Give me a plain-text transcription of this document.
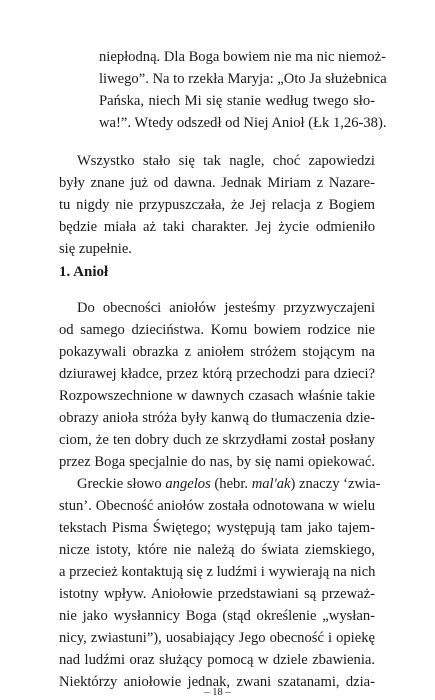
niepłodną. Dla Boga bowiem nie ma nic niemoż-

liwego”. Na to rzekła Maryja: „Oto Ja służebnica

Pańska, niech Mi się stanie według twego sło-

wa!”. Wtedy odszedł od Niej Anioł (Łk 1,26-38).

Wszystko stało się tak nagle, choć zapowiedzi

były znane już od dawna. Jednak Miriam z Nazare-

tu nigdy nie przypuszczała, że Jej relacja z Bogiem

będzie miała aż taki charakter. Jej życie odmieniło

się zupełnie.

1. Anioł

Do obecności aniołów jesteśmy przyzwyczajeni

od samego dzieciństwa. Komu bowiem rodzice nie

pokazywali obrazka z aniołem stróżem stojącym na

dziurawej kładce, przez którą przechodzi para dzieci?

Rozpowszechnione w dawnych czasach właśnie takie

obrazy anioła stróża były kanwą do tłumaczenia dzie-

ciom, że ten dobry duch ze skrzydłami został posłany

przez Boga specjalnie do nas, by się nami opiekować.

Greckie słowo angelos (hebr. mal'ak) znaczy ‘zwia-

stun’. Obecność aniołów została odnotowana w wielu

tekstach Pisma Świętego; występują tam jako tajem-

nicze istoty, które nie należą do świata ziemskiego,

a przecież kontaktują się z ludźmi i wywierają na nich

istotny wpływ. Aniołowie przedstawiani są przeważ-

nie jako wysłannicy Boga (stąd określenie „wysłan-

nicy, zwiastuni”), uosabiający Jego obecność i opiekę

nad ludźmi oraz służący pomocą w dziele zbawienia.

Niektórzy aniołowie jednak, zwani szatanami, dzia-

– 18 –
